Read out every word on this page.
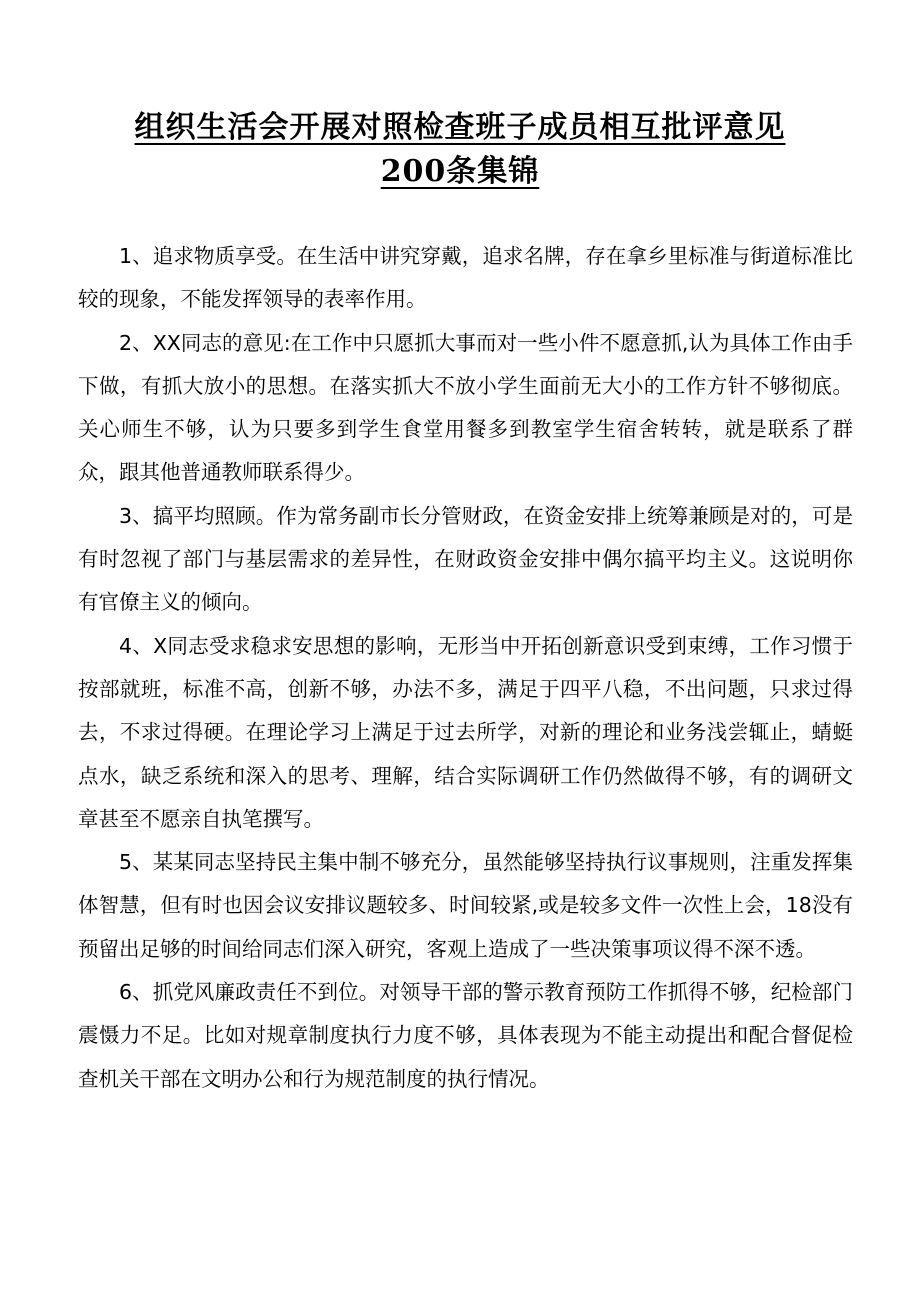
组织生活会开展对照检查班子成员相互批评意见
200条集锦

1、追求物质享受。在生活中讲究穿戴，追求名牌，存在拿乡里标准与街道标准比较的现象，不能发挥领导的表率作用。

2、XX同志的意见:在工作中只愿抓大事而对一些小件不愿意抓,认为具体工作由手下做，有抓大放小的思想。在落实抓大不放小学生面前无大小的工作方针不够彻底。关心师生不够，认为只要多到学生食堂用餐多到教室学生宿舍转转，就是联系了群众，跟其他普通教师联系得少。

3、搞平均照顾。作为常务副市长分管财政，在资金安排上统筹兼顾是对的，可是有时忽视了部门与基层需求的差异性，在财政资金安排中偶尔搞平均主义。这说明你有官僚主义的倾向。

4、X同志受求稳求安思想的影响，无形当中开拓创新意识受到束缚，工作习惯于按部就班，标准不高，创新不够，办法不多，满足于四平八稳，不出问题，只求过得去，不求过得硬。在理论学习上满足于过去所学，对新的理论和业务浅尝辄止，蜻蜓点水，缺乏系统和深入的思考、理解，结合实际调研工作仍然做得不够，有的调研文章甚至不愿亲自执笔撰写。

5、某某同志坚持民主集中制不够充分，虽然能够坚持执行议事规则，注重发挥集体智慧，但有时也因会议安排议题较多、时间较紧,或是较多文件一次性上会，18没有预留出足够的时间给同志们深入研究，客观上造成了一些决策事项议得不深不透。

6、抓党风廉政责任不到位。对领导干部的警示教育预防工作抓得不够，纪检部门震慑力不足。比如对规章制度执行力度不够，具体表现为不能主动提出和配合督促检查机关干部在文明办公和行为规范制度的执行情况。
